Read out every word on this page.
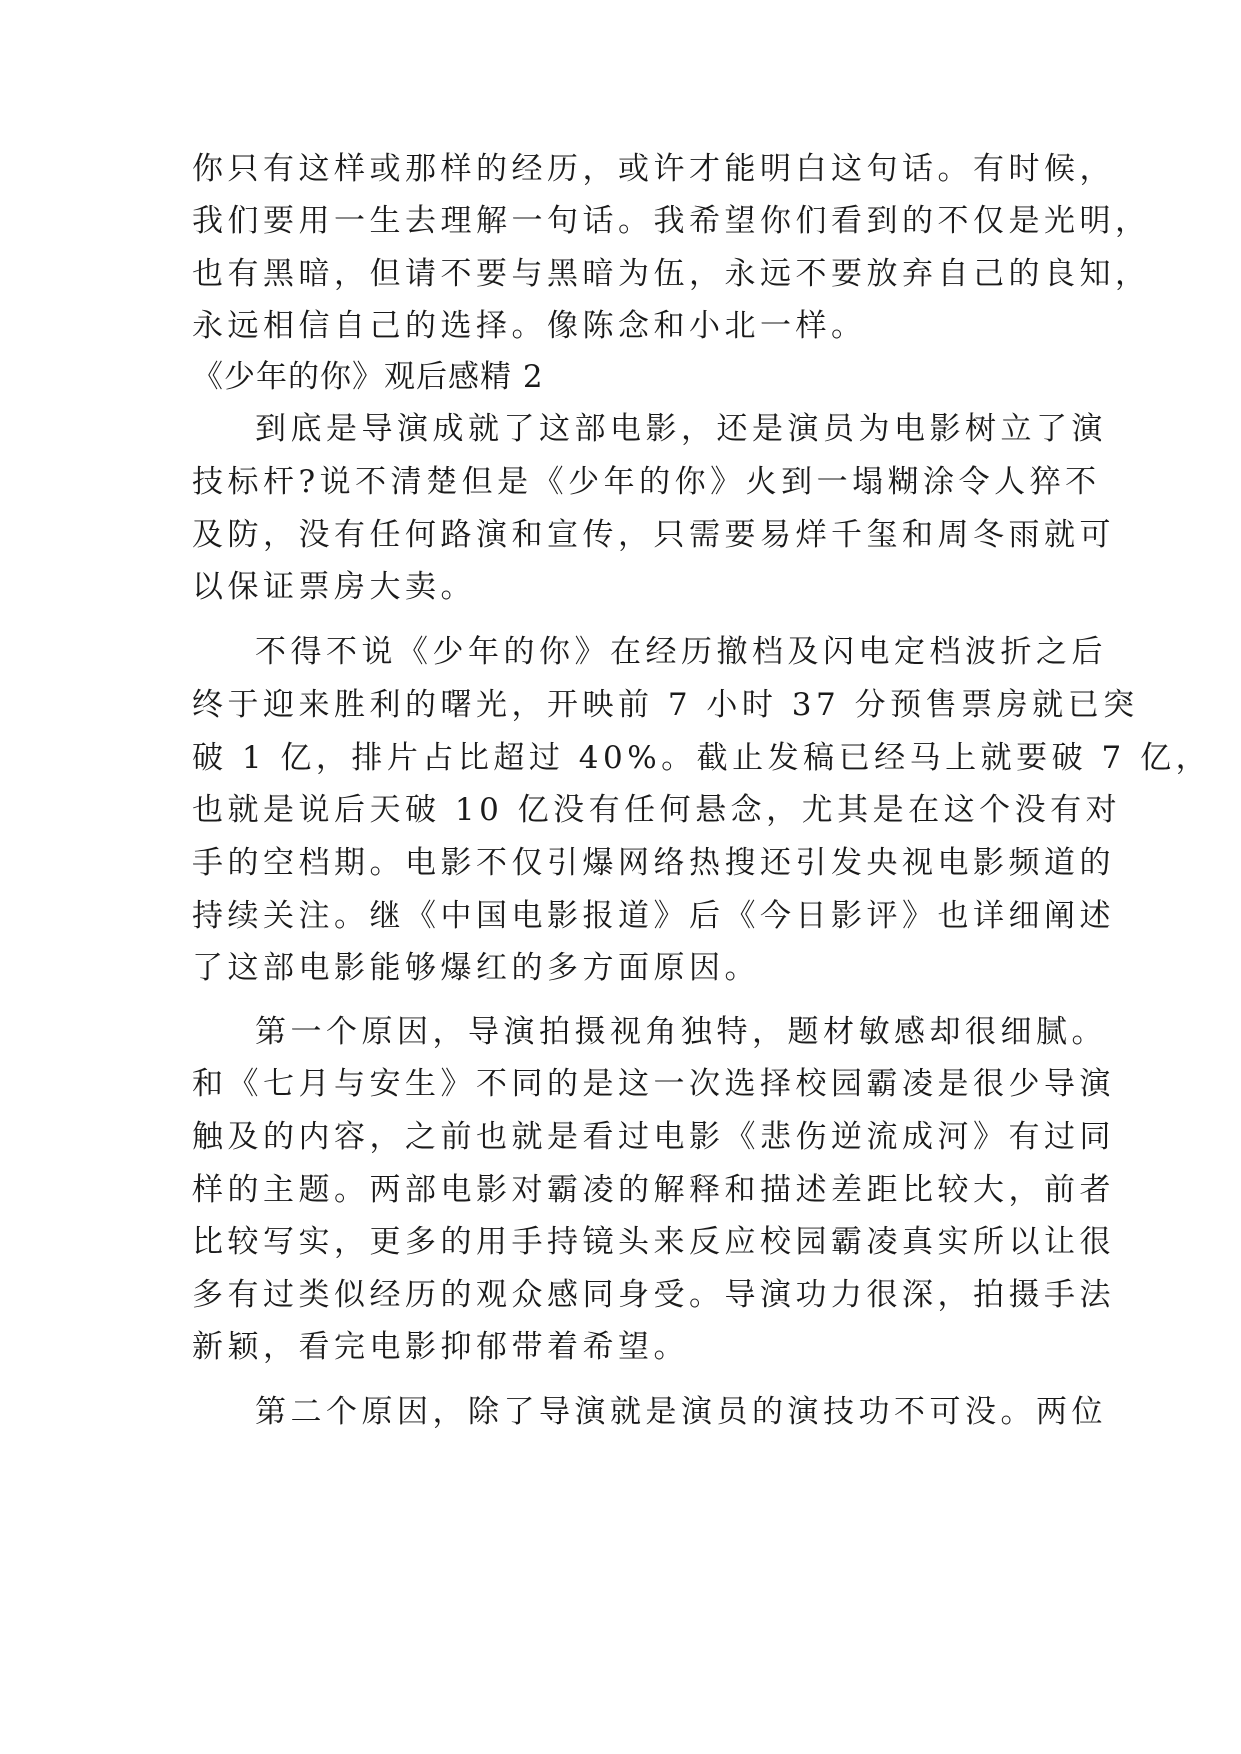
你只有这样或那样的经历，或许才能明白这句话。有时候，
我们要用一生去理解一句话。我希望你们看到的不仅是光明，
也有黑暗，但请不要与黑暗为伍，永远不要放弃自己的良知，
永远相信自己的选择。像陈念和小北一样。
《少年的你》观后感精 2
到底是导演成就了这部电影，还是演员为电影树立了演
技标杆?说不清楚但是《少年的你》火到一塌糊涂令人猝不
及防，没有任何路演和宣传，只需要易烊千玺和周冬雨就可
以保证票房大卖。
不得不说《少年的你》在经历撤档及闪电定档波折之后
终于迎来胜利的曙光，开映前 7 小时 37 分预售票房就已突
破 1 亿，排片占比超过 40%。截止发稿已经马上就要破 7 亿，
也就是说后天破 10 亿没有任何悬念，尤其是在这个没有对
手的空档期。电影不仅引爆网络热搜还引发央视电影频道的
持续关注。继《中国电影报道》后《今日影评》也详细阐述
了这部电影能够爆红的多方面原因。
第一个原因，导演拍摄视角独特，题材敏感却很细腻。
和《七月与安生》不同的是这一次选择校园霸凌是很少导演
触及的内容，之前也就是看过电影《悲伤逆流成河》有过同
样的主题。两部电影对霸凌的解释和描述差距比较大，前者
比较写实，更多的用手持镜头来反应校园霸凌真实所以让很
多有过类似经历的观众感同身受。导演功力很深，拍摄手法
新颖，看完电影抑郁带着希望。
第二个原因，除了导演就是演员的演技功不可没。两位
